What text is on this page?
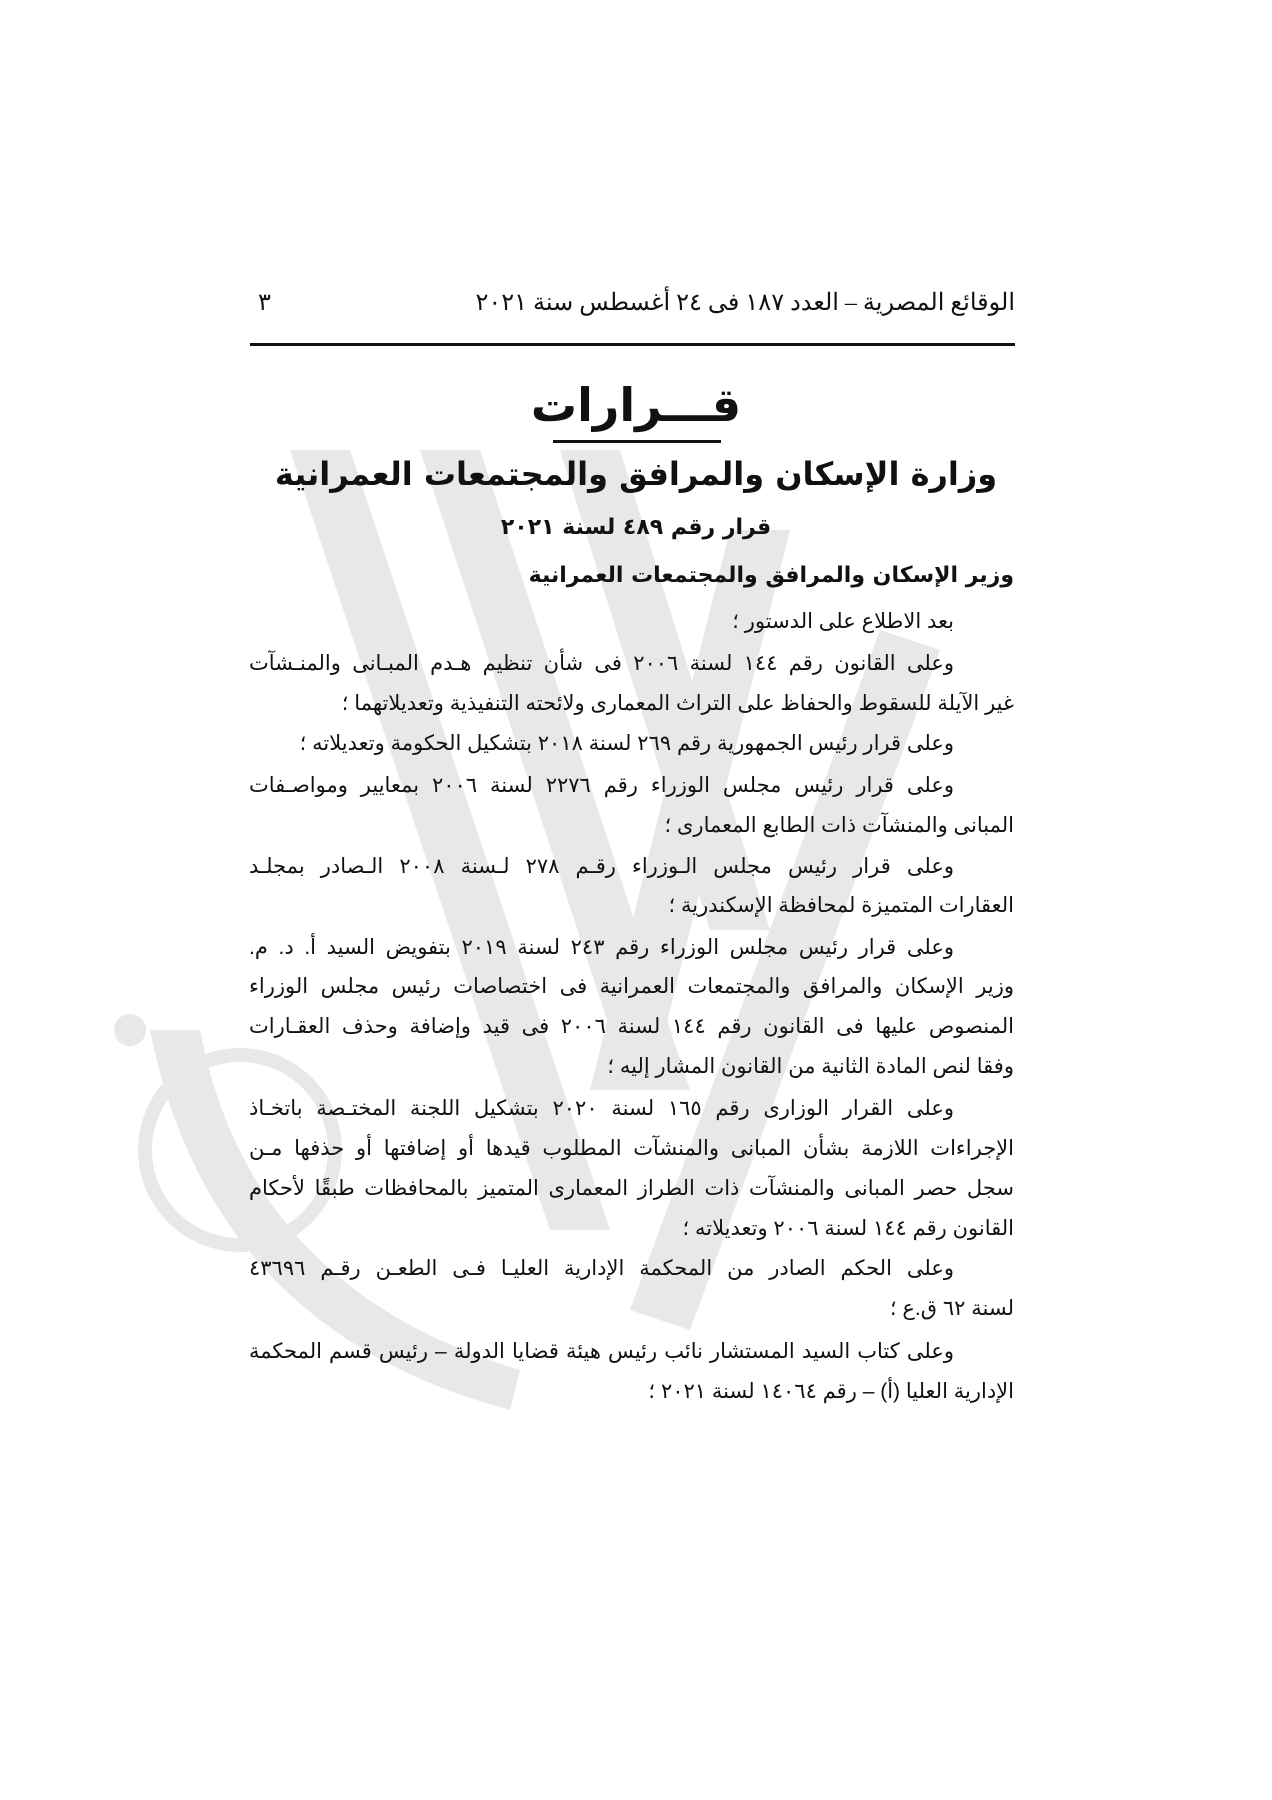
الوقائع المصرية – العدد ١٨٧ فى ٢٤ أغسطس سنة ٢٠٢١
٣
قـــرارات
وزارة الإسكان والمرافق والمجتمعات العمرانية
قرار رقم ٤٨٩ لسنة ٢٠٢١
وزير الإسكان والمرافق والمجتمعات العمرانية
بعد الاطلاع على الدستور ؛
وعلى القانون رقم ١٤٤ لسنة ٢٠٠٦ فى شأن تنظيم هـدم المبـانى والمنـشآت
غير الآيلة للسقوط والحفاظ على التراث المعمارى ولائحته التنفيذية وتعديلاتهما ؛
وعلى قرار رئيس الجمهورية رقم ٢٦٩ لسنة ٢٠١٨ بتشكيل الحكومة وتعديلاته ؛
وعلى قرار رئيس مجلس الوزراء رقم ٢٢٧٦ لسنة ٢٠٠٦ بمعايير ومواصـفات
المبانى والمنشآت ذات الطابع المعمارى ؛
وعلى قرار رئيس مجلس الـوزراء رقـم ٢٧٨ لـسنة ٢٠٠٨ الـصادر بمجلـد
العقارات المتميزة لمحافظة الإسكندرية ؛
وعلى قرار رئيس مجلس الوزراء رقم ٢٤٣ لسنة ٢٠١٩ بتفويض السيد أ. د. م.
وزير الإسكان والمرافق والمجتمعات العمرانية فى اختصاصات رئيس مجلس الوزراء
المنصوص عليها فى القانون رقم ١٤٤ لسنة ٢٠٠٦ فى قيد وإضافة وحذف العقـارات
وفقا لنص المادة الثانية من القانون المشار إليه ؛
وعلى القرار الوزارى رقم ١٦٥ لسنة ٢٠٢٠ بتشكيل اللجنة المختـصة باتخـاذ
الإجراءات اللازمة بشأن المبانى والمنشآت المطلوب قيدها أو إضافتها أو حذفها مـن
سجل حصر المبانى والمنشآت ذات الطراز المعمارى المتميز بالمحافظات طبقًا لأحكام
القانون رقم ١٤٤ لسنة ٢٠٠٦ وتعديلاته ؛
وعلى الحكم الصادر من المحكمة الإدارية العليـا فـى الطعـن رقـم ٤٣٦٩٦
لسنة ٦٢ ق.ع ؛
وعلى كتاب السيد المستشار نائب رئيس هيئة قضايا الدولة – رئيس قسم المحكمة
الإدارية العليا (أ) – رقم ١٤٠٦٤ لسنة ٢٠٢١ ؛
